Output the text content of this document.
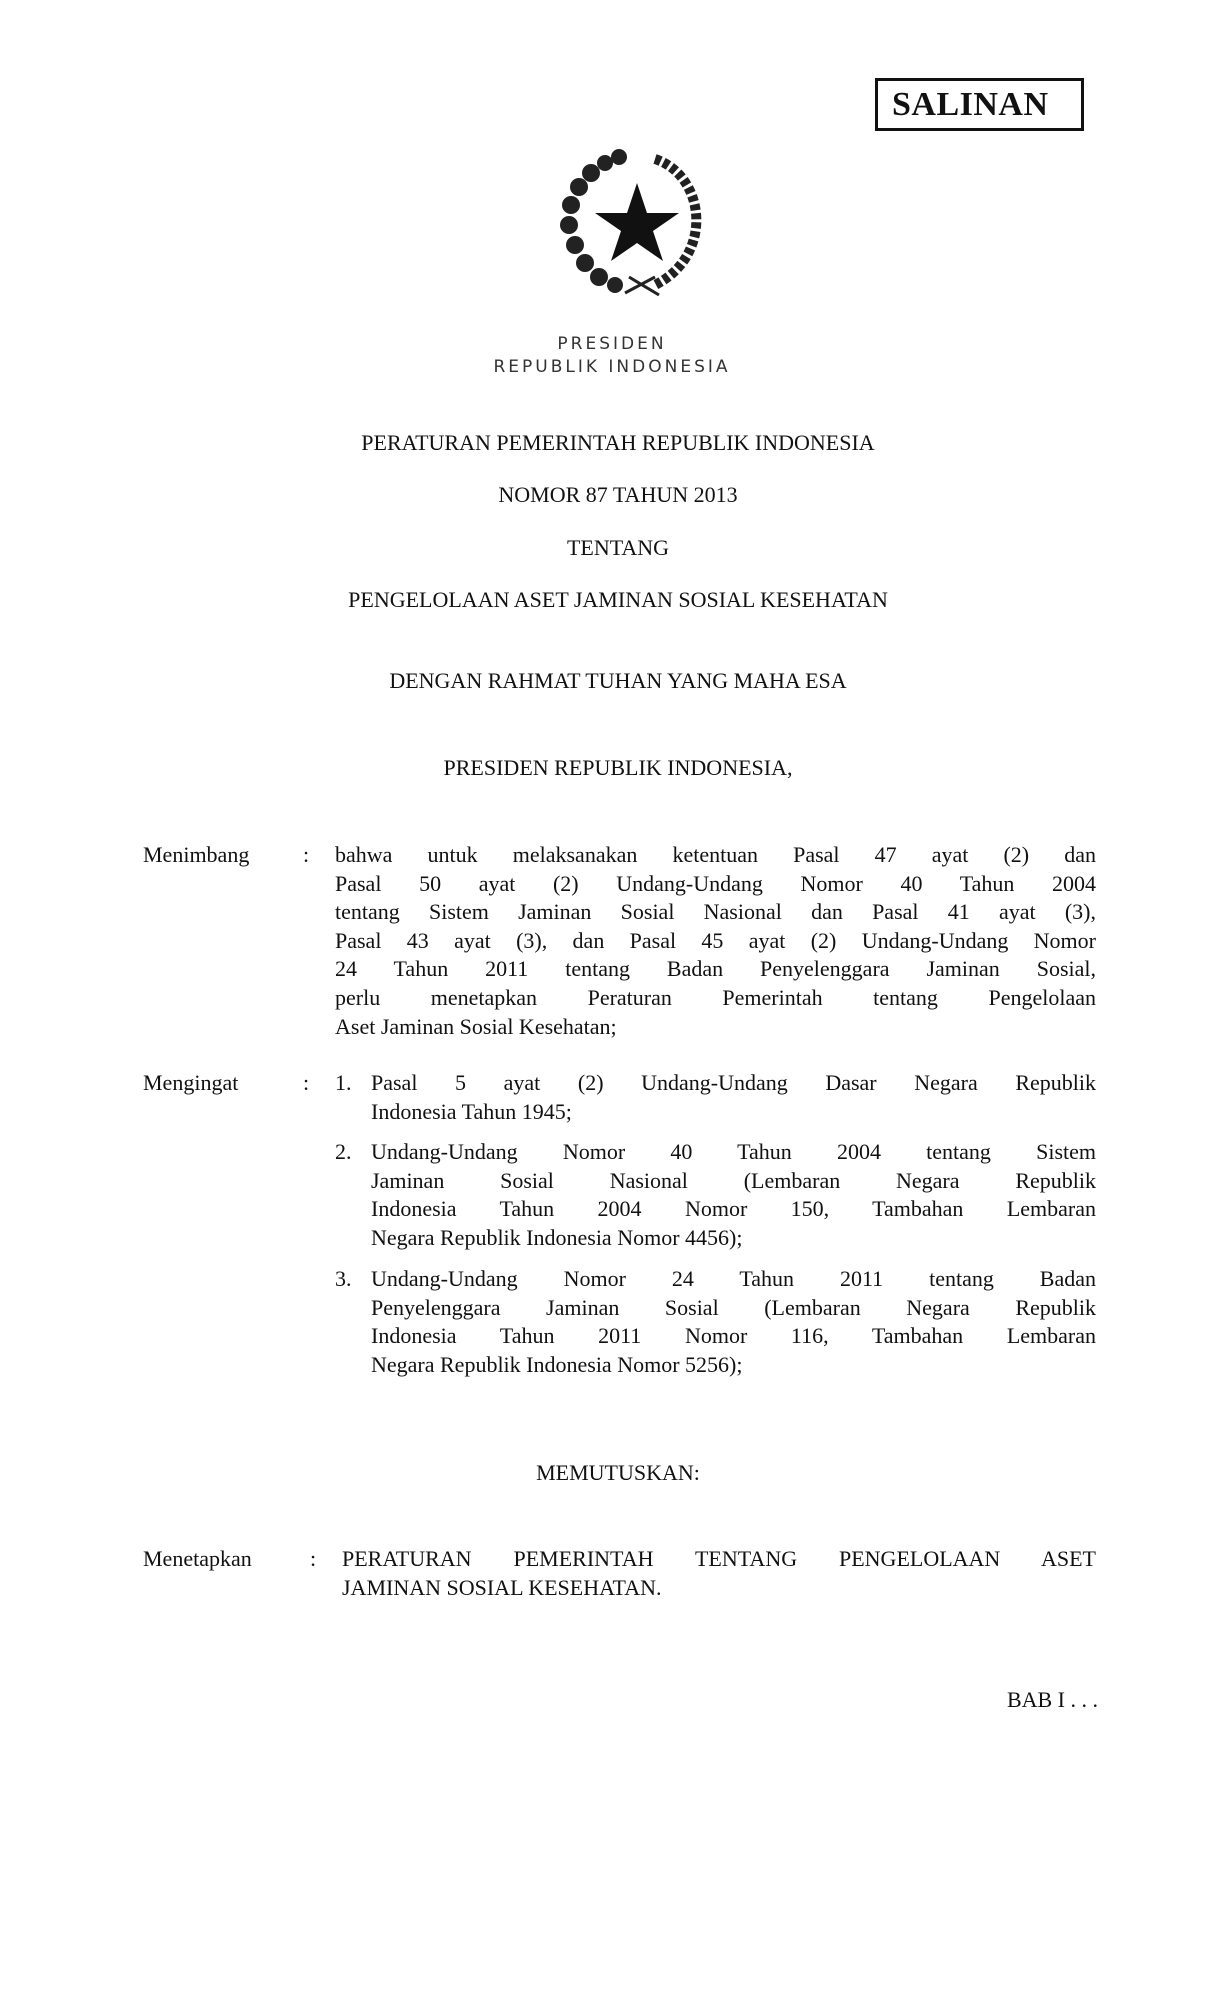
SALINAN
PRESIDEN
REPUBLIK INDONESIA
PERATURAN PEMERINTAH REPUBLIK INDONESIA
NOMOR 87 TAHUN 2013
TENTANG
PENGELOLAAN ASET JAMINAN SOSIAL KESEHATAN
DENGAN RAHMAT TUHAN YANG MAHA ESA
PRESIDEN REPUBLIK INDONESIA,
Menimbang : bahwa untuk melaksanakan ketentuan Pasal 47 ayat (2) dan
Pasal 50 ayat (2) Undang-Undang Nomor 40 Tahun 2004
tentang Sistem Jaminan Sosial Nasional dan Pasal 41 ayat (3),
Pasal 43 ayat (3), dan Pasal 45 ayat (2) Undang-Undang Nomor
24 Tahun 2011 tentang Badan Penyelenggara Jaminan Sosial,
perlu menetapkan Peraturan Pemerintah tentang Pengelolaan
Aset Jaminan Sosial Kesehatan;
Mengingat	: 1. Pasal 5 ayat (2) Undang-Undang Dasar Negara Republik
Indonesia Tahun 1945;
2. Undang-Undang Nomor 40 Tahun 2004 tentang Sistem
Jaminan Sosial Nasional (Lembaran Negara Republik
Indonesia Tahun 2004 Nomor 150, Tambahan Lembaran
Negara Republik Indonesia Nomor 4456);
3. Undang-Undang Nomor 24 Tahun 2011 tentang Badan
Penyelenggara Jaminan Sosial (Lembaran Negara Republik
Indonesia Tahun 2011 Nomor 116, Tambahan Lembaran
Negara Republik Indonesia Nomor 5256);
MEMUTUSKAN:
Menetapkan	: PERATURAN PEMERINTAH TENTANG PENGELOLAAN ASET
JAMINAN SOSIAL KESEHATAN.
BAB I . . .
